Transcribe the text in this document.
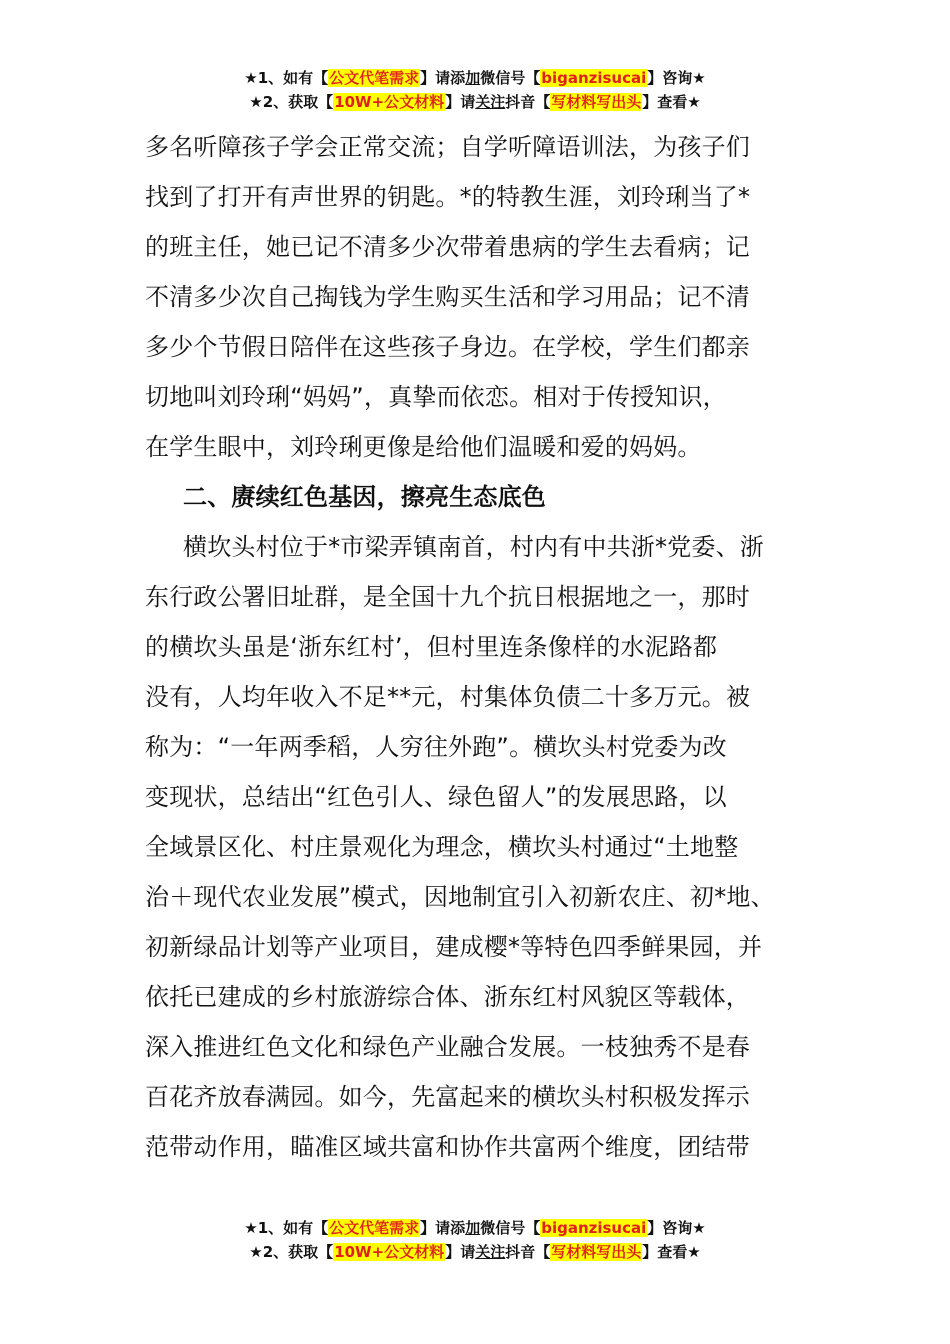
★1、如有【公文代笔需求】请添加微信号【biganzisucai】咨询★
★2、获取【10W+公文材料】请关注抖音【写材料写出头】查看★
多名听障孩子学会正常交流；自学听障语训法，为孩子们
找到了打开有声世界的钥匙。*的特教生涯，刘玲琍当了*
的班主任，她已记不清多少次带着患病的学生去看病；记
不清多少次自己掏钱为学生购买生活和学习用品；记不清
多少个节假日陪伴在这些孩子身边。在学校，学生们都亲
切地叫刘玲琍“妈妈”，真挚而依恋。相对于传授知识，
在学生眼中，刘玲琍更像是给他们温暖和爱的妈妈。
二、赓续红色基因，擦亮生态底色
横坎头村位于*市梁弄镇南首，村内有中共浙*党委、浙
东行政公署旧址群，是全国十九个抗日根据地之一，那时
的横坎头虽是‘浙东红村’，但村里连条像样的水泥路都
没有，人均年收入不足**元，村集体负债二十多万元。被
称为：“一年两季稻，人穷往外跑”。横坎头村党委为改
变现状，总结出“红色引人、绿色留人”的发展思路，以
全域景区化、村庄景观化为理念，横坎头村通过“土地整
治＋现代农业发展”模式，因地制宜引入初新农庄、初*地、
初新绿品计划等产业项目，建成樱*等特色四季鲜果园，并
依托已建成的乡村旅游综合体、浙东红村风貌区等载体，
深入推进红色文化和绿色产业融合发展。一枝独秀不是春
百花齐放春满园。如今，先富起来的横坎头村积极发挥示
范带动作用，瞄准区域共富和协作共富两个维度，团结带
★1、如有【公文代笔需求】请添加微信号【biganzisucai】咨询★
★2、获取【10W+公文材料】请关注抖音【写材料写出头】查看★
